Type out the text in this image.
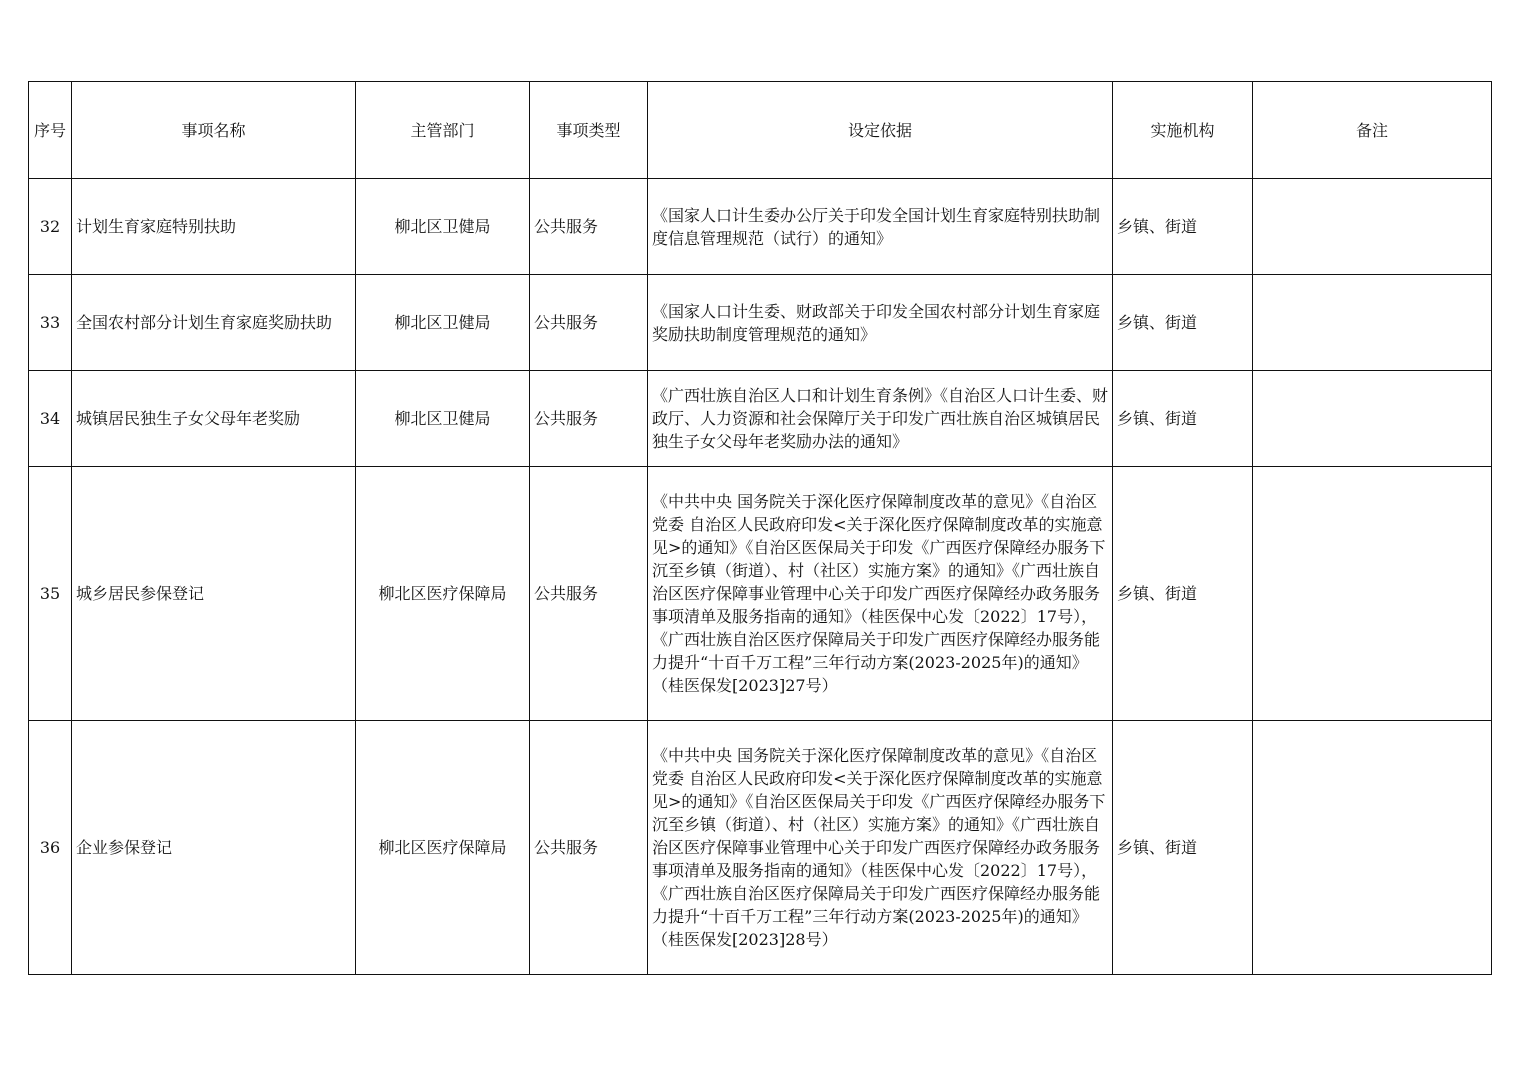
序号	事项名称	主管部门	事项类型	设定依据	实施机构	备注
32	计划生育家庭特别扶助	柳北区卫健局	公共服务	《国家人口计生委办公厅关于印发全国计划生育家庭特别扶助制度信息管理规范（试行）的通知》	乡镇、街道	
33	全国农村部分计划生育家庭奖励扶助	柳北区卫健局	公共服务	《国家人口计生委、财政部关于印发全国农村部分计划生育家庭奖励扶助制度管理规范的通知》	乡镇、街道	
34	城镇居民独生子女父母年老奖励	柳北区卫健局	公共服务	《广西壮族自治区人口和计划生育条例》《自治区人口计生委、财政厅、人力资源和社会保障厅关于印发广西壮族自治区城镇居民独生子女父母年老奖励办法的通知》	乡镇、街道	
35	城乡居民参保登记	柳北区医疗保障局	公共服务	《中共中央 国务院关于深化医疗保障制度改革的意见》《自治区党委 自治区人民政府印发<关于深化医疗保障制度改革的实施意见>的通知》《自治区医保局关于印发《广西医疗保障经办服务下沉至乡镇（街道）、村（社区）实施方案》的通知》《广西壮族自治区医疗保障事业管理中心关于印发广西医疗保障经办政务服务事项清单及服务指南的通知》（桂医保中心发〔2022〕17号），《广西壮族自治区医疗保障局关于印发广西医疗保障经办服务能力提升“十百千万工程”三年行动方案(2023-2025年)的通知》（桂医保发[2023]27号）	乡镇、街道	
36	企业参保登记	柳北区医疗保障局	公共服务	《中共中央 国务院关于深化医疗保障制度改革的意见》《自治区党委 自治区人民政府印发<关于深化医疗保障制度改革的实施意见>的通知》《自治区医保局关于印发《广西医疗保障经办服务下沉至乡镇（街道）、村（社区）实施方案》的通知》《广西壮族自治区医疗保障事业管理中心关于印发广西医疗保障经办政务服务事项清单及服务指南的通知》（桂医保中心发〔2022〕17号），《广西壮族自治区医疗保障局关于印发广西医疗保障经办服务能力提升“十百千万工程”三年行动方案(2023-2025年)的通知》（桂医保发[2023]28号）	乡镇、街道	
